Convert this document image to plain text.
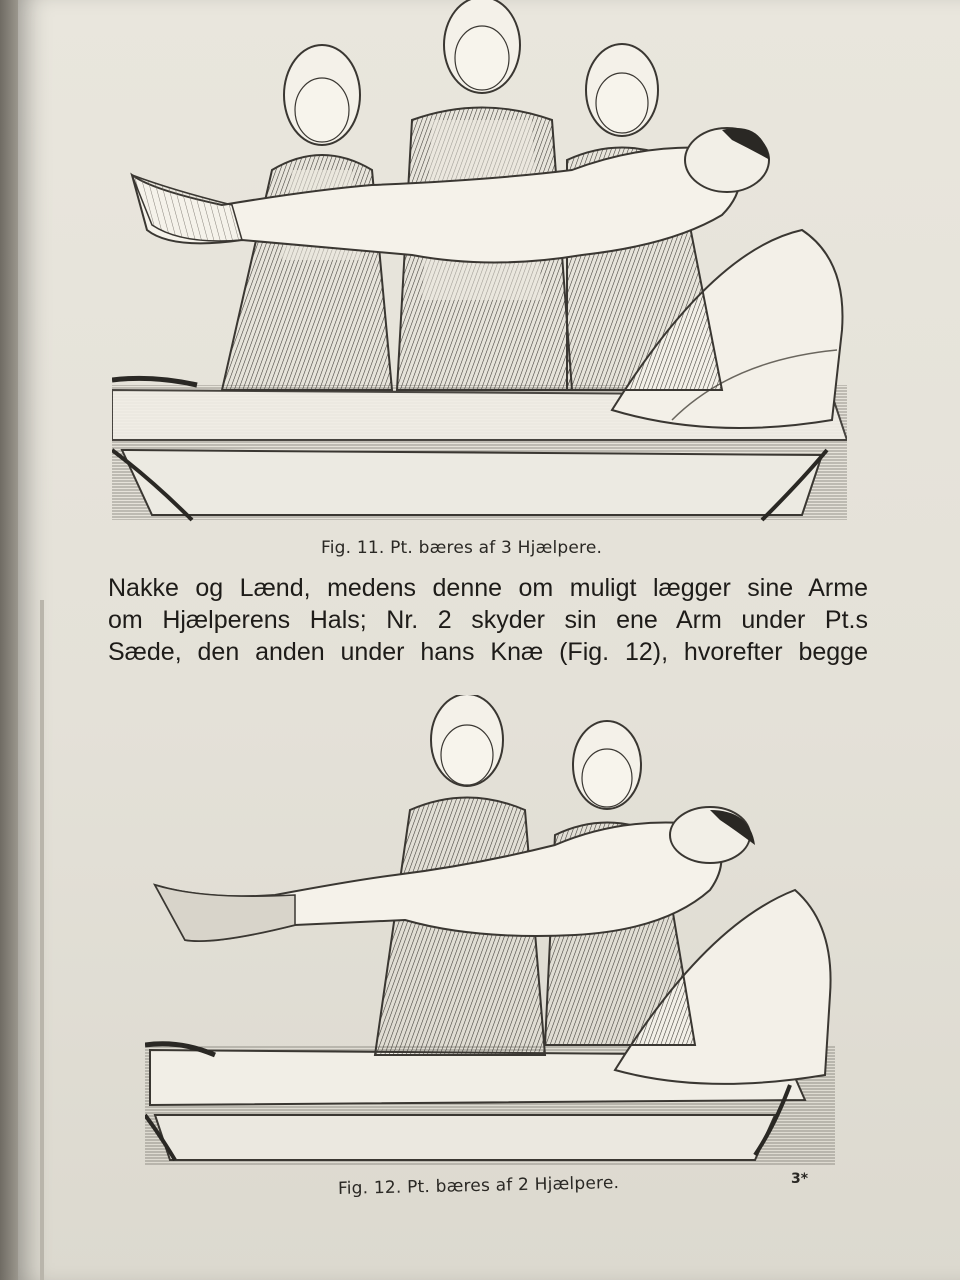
Fig. 11. Pt. bæres af 3 Hjælpere.
Nakke og Lænd, medens denne om muligt lægger sine Arme
om Hjælperens Hals; Nr. 2 skyder sin ene Arm under Pt.s
Sæde, den anden under hans Knæ (Fig. 12), hvorefter begge
Fig. 12. Pt. bæres af 2 Hjælpere.	3*
